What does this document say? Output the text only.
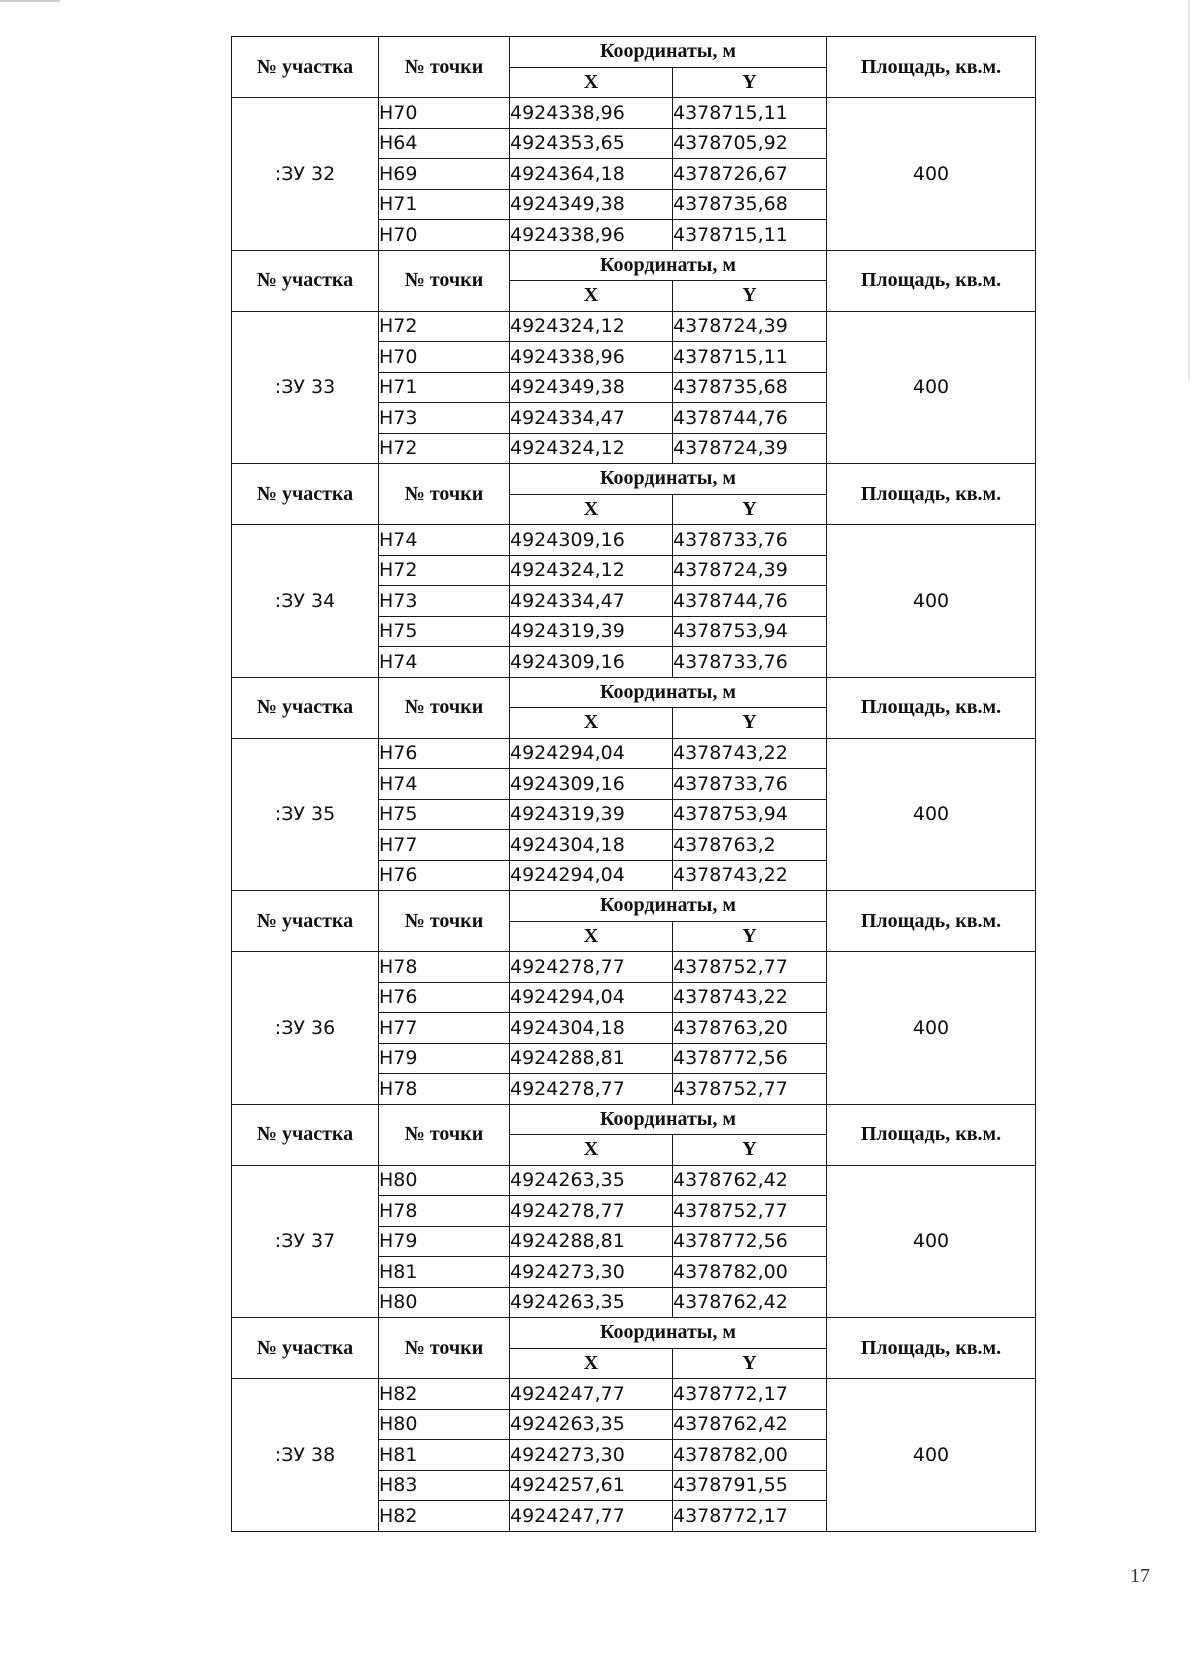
№ участка	№ точки	Координаты, м		Площадь, кв.м.
		X	Y	
:ЗУ 32	Н70	4924338,96	4378715,11	400
	Н64	4924353,65	4378705,92	
	Н69	4924364,18	4378726,67	
	Н71	4924349,38	4378735,68	
	Н70	4924338,96	4378715,11	
№ участка	№ точки	Координаты, м		Площадь, кв.м.
		X	Y	
:ЗУ 33	Н72	4924324,12	4378724,39	400
	Н70	4924338,96	4378715,11	
	Н71	4924349,38	4378735,68	
	Н73	4924334,47	4378744,76	
	Н72	4924324,12	4378724,39	
№ участка	№ точки	Координаты, м		Площадь, кв.м.
		X	Y	
:ЗУ 34	Н74	4924309,16	4378733,76	400
	Н72	4924324,12	4378724,39	
	Н73	4924334,47	4378744,76	
	Н75	4924319,39	4378753,94	
	Н74	4924309,16	4378733,76	
№ участка	№ точки	Координаты, м		Площадь, кв.м.
		X	Y	
:ЗУ 35	Н76	4924294,04	4378743,22	400
	Н74	4924309,16	4378733,76	
	Н75	4924319,39	4378753,94	
	Н77	4924304,18	4378763,2	
	Н76	4924294,04	4378743,22	
№ участка	№ точки	Координаты, м		Площадь, кв.м.
		X	Y	
:ЗУ 36	Н78	4924278,77	4378752,77	400
	Н76	4924294,04	4378743,22	
	Н77	4924304,18	4378763,20	
	Н79	4924288,81	4378772,56	
	Н78	4924278,77	4378752,77	
№ участка	№ точки	Координаты, м		Площадь, кв.м.
		X	Y	
:ЗУ 37	Н80	4924263,35	4378762,42	400
	Н78	4924278,77	4378752,77	
	Н79	4924288,81	4378772,56	
	Н81	4924273,30	4378782,00	
	Н80	4924263,35	4378762,42	
№ участка	№ точки	Координаты, м		Площадь, кв.м.
		X	Y	
:ЗУ 38	Н82	4924247,77	4378772,17	400
	Н80	4924263,35	4378762,42	
	Н81	4924273,30	4378782,00	
	Н83	4924257,61	4378791,55	
	Н82	4924247,77	4378772,17	
17
